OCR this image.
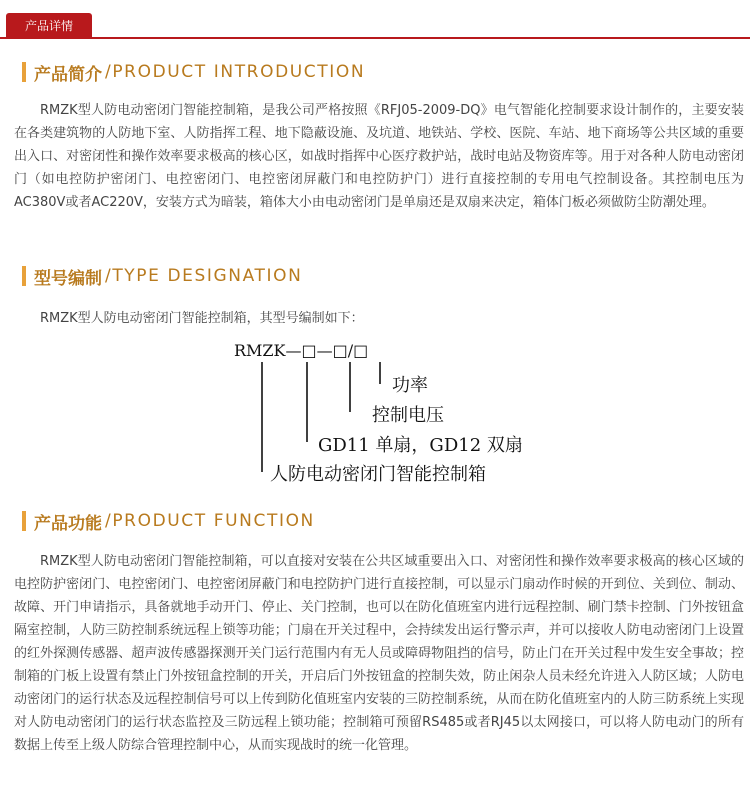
产品详情
产品简介 /PRODUCT INTRODUCTION

RMZK型人防电动密闭门智能控制箱，是我公司严格按照《RFJ05-2009-DQ》电气智能化控制要求设计制作的，主要安装在各类建筑物的人防地下室、人防指挥工程、地下隐蔽设施、及坑道、地铁站、学校、医院、车站、地下商场等公共区域的重要出入口、对密闭性和操作效率要求极高的核心区，如战时指挥中心医疗救护站，战时电站及物资库等。用于对各种人防电动密闭门（如电控防护密闭门、电控密闭门、电控密闭屏蔽门和电控防护门）进行直接控制的专用电气控制设备。其控制电压为AC380V或者AC220V，安装方式为暗装，箱体大小由电动密闭门是单扇还是双扇来决定，箱体门板必须做防尘防潮处理。

型号编制 /TYPE DESIGNATION
RMZK型人防电动密闭门智能控制箱，其型号编制如下：
RMZK—□—□/□
功率
控制电压
GD11 单扇，GD12 双扇
人防电动密闭门智能控制箱
产品功能 /PRODUCT FUNCTION

RMZK型人防电动密闭门智能控制箱，可以直接对安装在公共区域重要出入口、对密闭性和操作效率要求极高的核心区域的电控防护密闭门、电控密闭门、电控密闭屏蔽门和电控防护门进行直接控制，可以显示门扇动作时候的开到位、关到位、制动、故障、开门申请指示，具备就地手动开门、停止、关门控制，也可以在防化值班室内进行远程控制、刷门禁卡控制、门外按钮盒隔室控制，人防三防控制系统远程上锁等功能；门扇在开关过程中，会持续发出运行警示声，并可以接收人防电动密闭门上设置的红外探测传感器、超声波传感器探测开关门运行范围内有无人员或障碍物阻挡的信号，防止门在开关过程中发生安全事故；控制箱的门板上设置有禁止门外按钮盒控制的开关，开启后门外按钮盒的控制失效，防止闲杂人员未经允许进入人防区域；人防电动密闭门的运行状态及远程控制信号可以上传到防化值班室内安装的三防控制系统，从而在防化值班室内的人防三防系统上实现对人防电动密闭门的运行状态监控及三防远程上锁功能；控制箱可预留RS485或者RJ45以太网接口，可以将人防电动门的所有数据上传至上级人防综合管理控制中心，从而实现战时的统一化管理。
